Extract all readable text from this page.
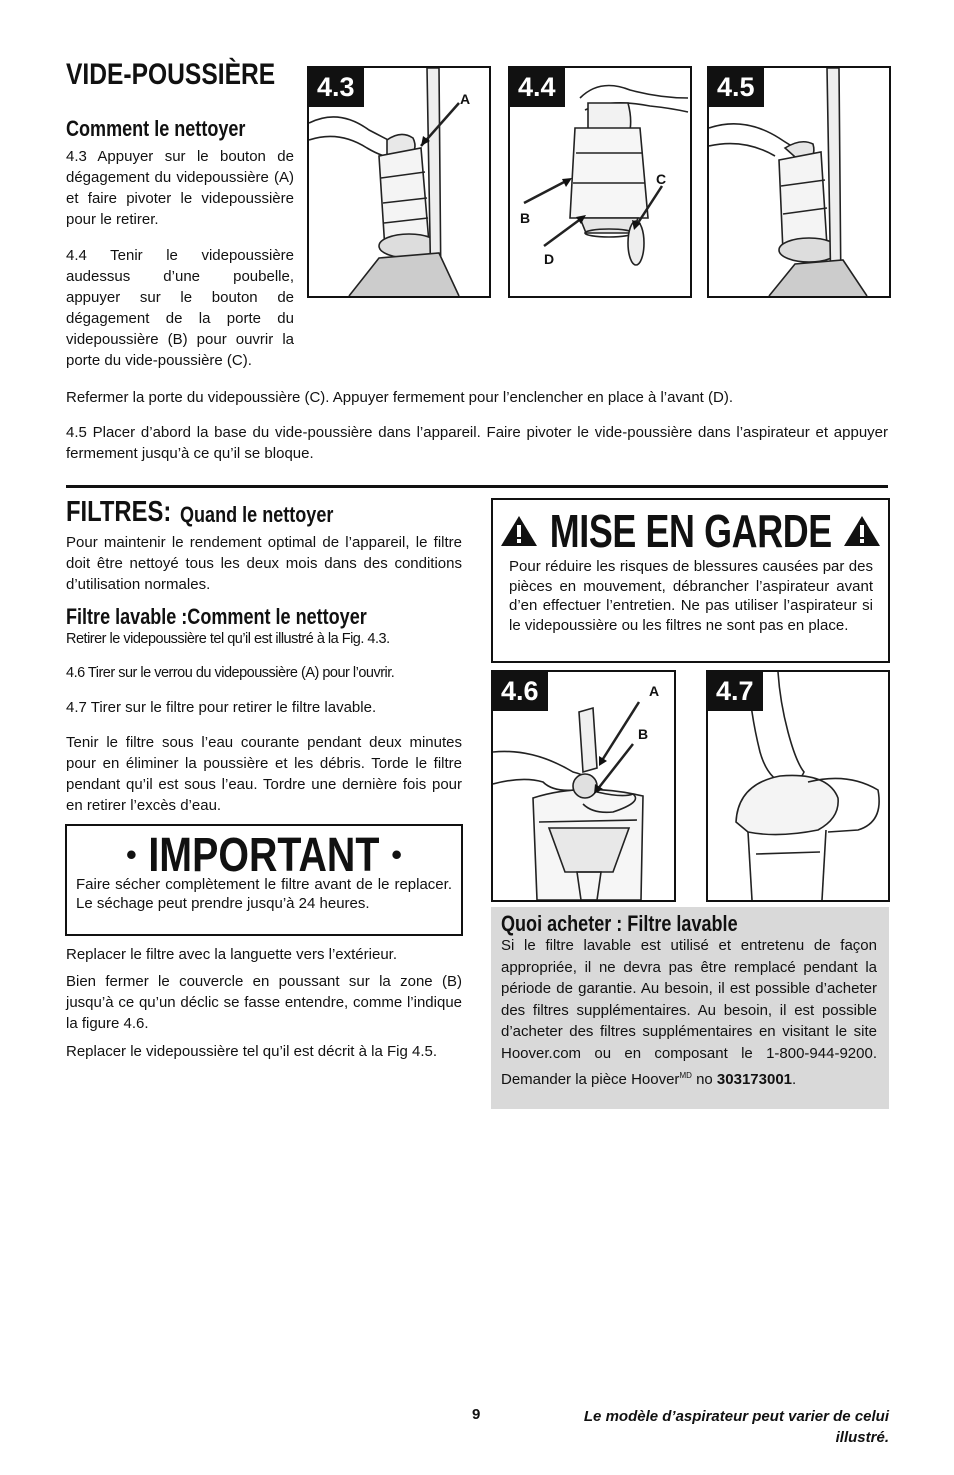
VIDE-POUSSIÈRE
Comment le nettoyer

4.3 Appuyer sur le bouton de dégagement du videpoussière (A) et faire pivoter le videpoussière pour le retirer.

4.4 Tenir le videpoussière audessus d’une poubelle, appuyer sur le bouton de dégagement de la porte du videpoussière (B) pour ouvrir la porte du vide-poussière (C).

A
4.3
C
B
D
4.4	4.5

Refermer la porte du videpoussière (C). Appuyer fermement pour l’enclencher en place à l’avant (D).

4.5 Placer d’abord la base du vide-poussière dans l’appareil. Faire pivoter le vide-poussière dans l’aspirateur et appuyer fermement jusqu’à ce qu’il se bloque.

FILTRES: Quand le nettoyer

Pour maintenir le rendement optimal de l’appareil, le filtre doit être nettoyé tous les deux mois dans des conditions d’utilisation normales.

Filtre lavable :Comment le nettoyer

Retirer le videpoussière tel qu’il est illustré à la Fig. 4.3.

4.6 Tirer sur le verrou du videpoussière (A) pour l’ouvrir.

4.7 Tirer sur le filtre pour retirer le filtre lavable.

Tenir le filtre sous l’eau courante pendant deux minutes pour en éliminer la poussière et les débris. Torde le filtre pendant qu’il est sous l’eau. Tordre une dernière fois pour en retirer l’excès d’eau.

• IMPORTANT •

Faire sécher complètement le filtre avant de le replacer. Le séchage peut prendre jusqu’à 24 heures.

Replacer le filtre avec la languette vers l’extérieur.

Bien fermer le couvercle en poussant sur la zone (B) jusqu’à ce qu’un déclic se fasse entendre, comme l’indique la figure 4.6.

Replacer le videpoussière tel qu’il est décrit à la Fig 4.5.

MISE EN GARDE

Pour réduire les risques de blessures causées par des pièces en mouvement, débrancher l’aspirateur avant d’en effectuer l’entretien. Ne pas utiliser l’aspirateur si le videpoussière ou les filtres ne sont pas en place.

A
B
4.6	4.7
Quoi acheter : Filtre lavable
Si le filtre lavable est utilisé et entretenu de façon appropriée, il ne devra pas être remplacé pendant la période de garantie. Au besoin, il est possible d’acheter des filtres supplémentaires. Au besoin, il est possible d’acheter des filtres supplémentaires en visitant le site Hoover.com ou en composant le 1-800-944-9200. Demander la pièce Hoover$^{MD}$ no 303173001.
9	Le modèle d’aspirateur peut varier de celui illustré.
